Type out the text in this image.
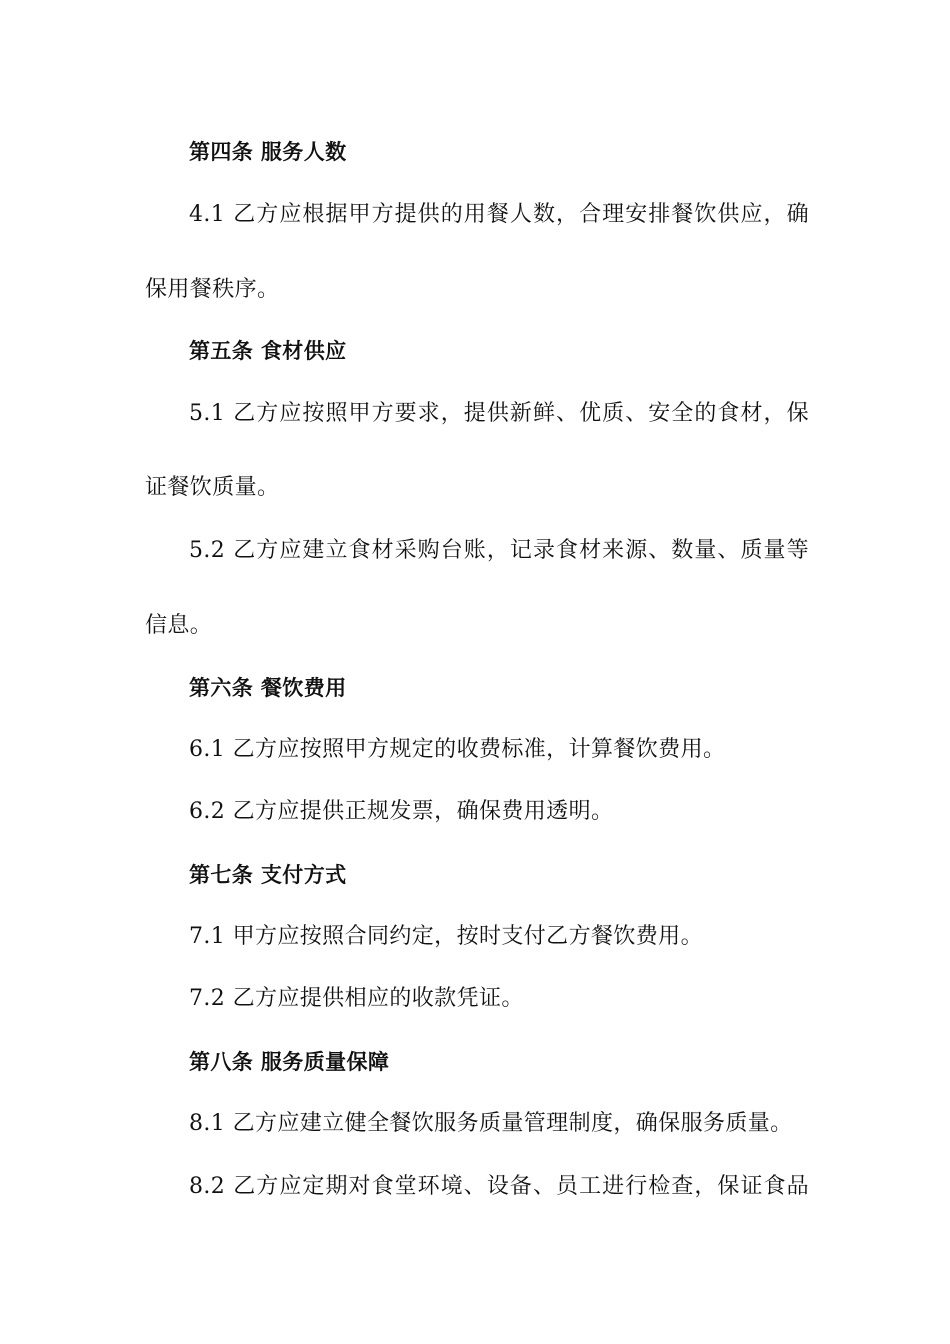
第四条 服务人数
4.1 乙方应根据甲方提供的用餐人数，合理安排餐饮供应，确
保用餐秩序。
第五条 食材供应
5.1 乙方应按照甲方要求，提供新鲜、优质、安全的食材，保
证餐饮质量。
5.2 乙方应建立食材采购台账，记录食材来源、数量、质量等
信息。
第六条 餐饮费用
6.1 乙方应按照甲方规定的收费标准，计算餐饮费用。
6.2 乙方应提供正规发票，确保费用透明。
第七条 支付方式
7.1 甲方应按照合同约定，按时支付乙方餐饮费用。
7.2 乙方应提供相应的收款凭证。
第八条 服务质量保障
8.1 乙方应建立健全餐饮服务质量管理制度，确保服务质量。
8.2 乙方应定期对食堂环境、设备、员工进行检查，保证食品
